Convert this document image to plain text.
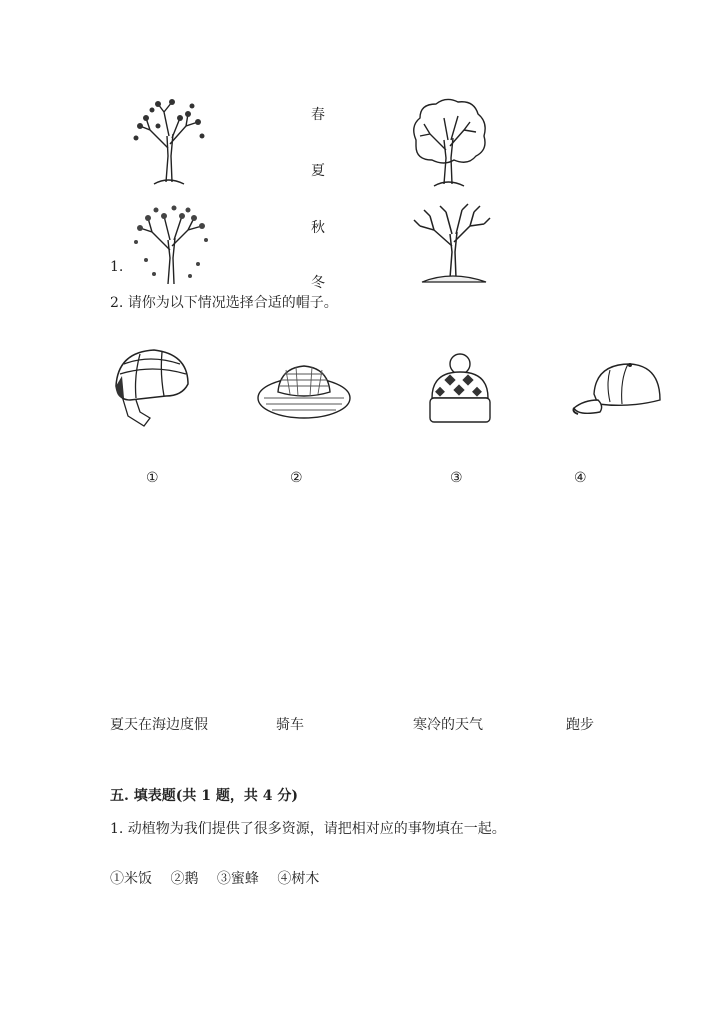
1.
春
夏
秋
冬
2. 请你为以下情况选择合适的帽子。
①	②	③	④
夏天在海边度假	骑车	寒冷的天气	跑步
五. 填表题(共 1 题，共 4 分)
1. 动植物为我们提供了很多资源，请把相对应的事物填在一起。
①米饭　 ②鹅　 ③蜜蜂　 ④树木
